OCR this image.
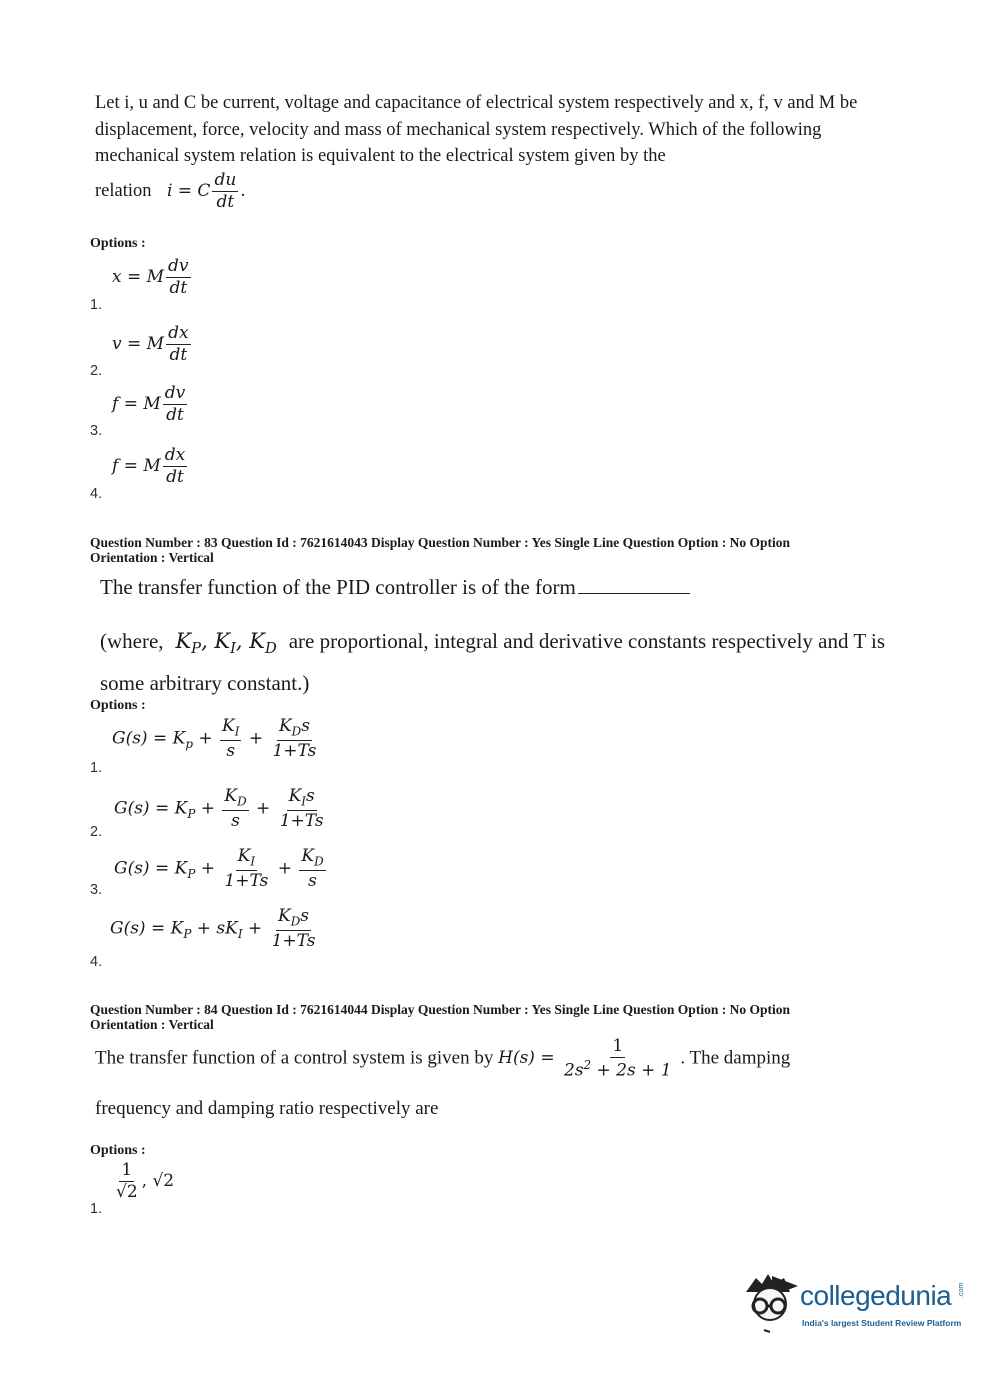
Let i, u and C be current, voltage and capacitance of electrical system respectively and x, f, v and M be displacement, force, velocity and mass of mechanical system respectively. Which of the following mechanical system relation is equivalent to the electrical system given by the
relation   i = C $\frac{du}{dt}$ .
Options :
x = M $\frac{dv}{dt}$
1.
v = M $\frac{dx}{dt}$
2.
f = M $\frac{dv}{dt}$
3.
f = M $\frac{dx}{dt}$
4.
Question Number : 83 Question Id : 7621614043 Display Question Number : Yes Single Line Question Option : No Option
Orientation : Vertical
The transfer function of the PID controller is of the form
(where,  $K_P$, $K_I$, $K_D$ are proportional, integral and derivative constants respectively and T is some arbitrary constant.)
Options :
$G(s) = K_p + \frac{K_I}{s} + \frac{K_Ds}{1+Ts}$
1.
$G(s) = K_P + \frac{K_D}{s} + \frac{K_Is}{1+Ts}$
2.
$G(s) = K_P + \frac{K_I}{1+Ts} + \frac{K_D}{s}$
3.
$G(s) = K_P + sK_I + \frac{K_Ds}{1+Ts}$
4.
Question Number : 84 Question Id : 7621614044 Display Question Number : Yes Single Line Question Option : No Option
Orientation : Vertical
The transfer function of a control system is given by $H(s) = \frac{1}{2s^2 + 2s + 1}$ . The damping
frequency and damping ratio respectively are
Options :
$\frac{1}{√2}$ , √2
1.
collegedunia .com
India's largest Student Review Platform
